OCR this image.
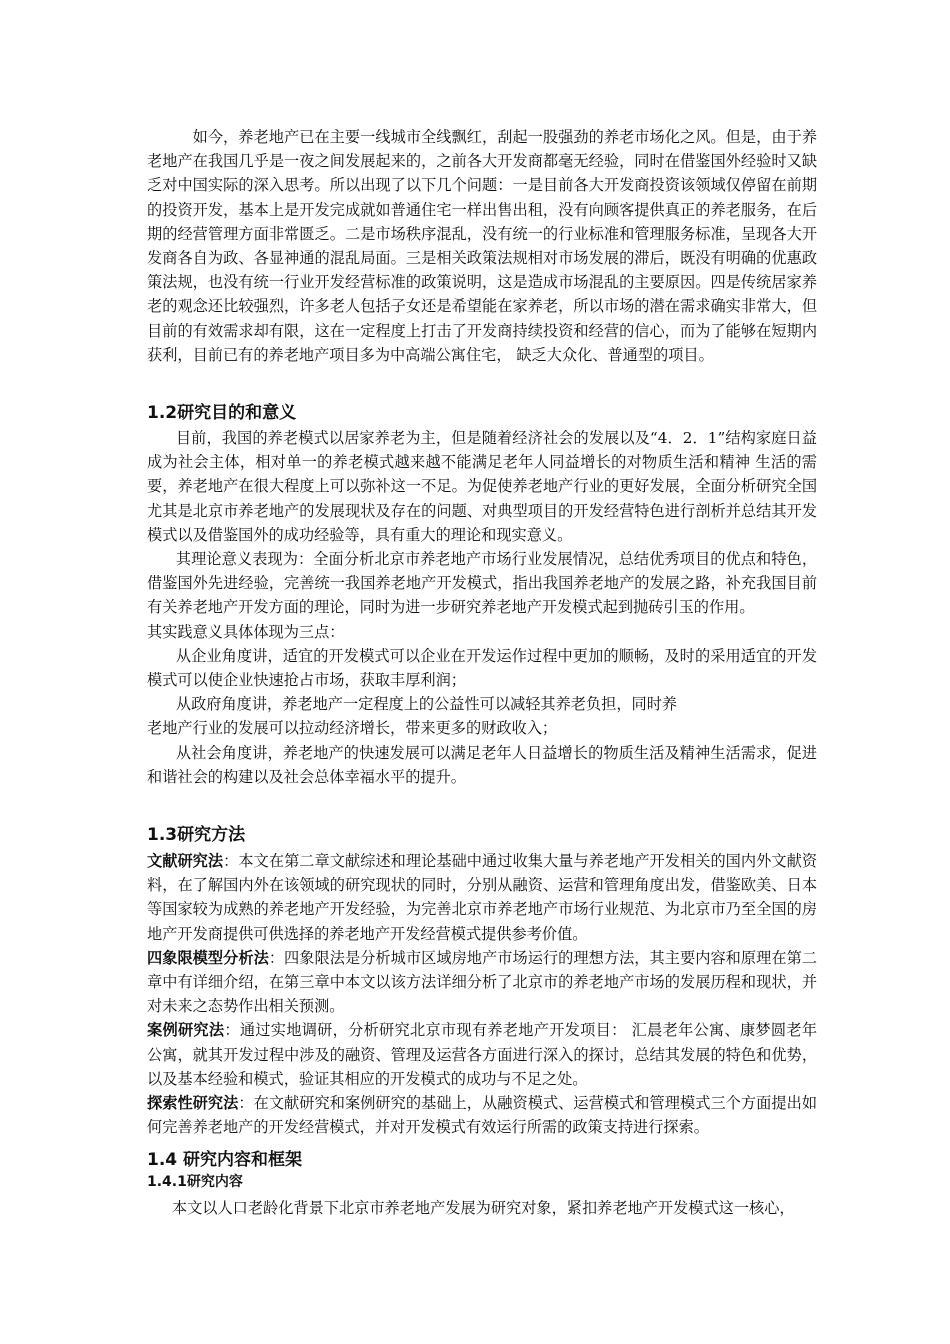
如今，养老地产已在主要一线城市全线飘红，刮起一股强劲的养老市场化之风。但是，由于养老地产在我国几乎是一夜之间发展起来的，之前各大开发商都毫无经验，同时在借鉴国外经验时又缺乏对中国实际的深入思考。所以出现了以下几个问题：一是目前各大开发商投资该领域仅停留在前期的投资开发，基本上是开发完成就如普通住宅一样出售出租，没有向顾客提供真正的养老服务，在后期的经营管理方面非常匮乏。二是市场秩序混乱，没有统一的行业标准和管理服务标准，呈现各大开发商各自为政、各显神通的混乱局面。三是相关政策法规相对市场发展的滞后，既没有明确的优惠政策法规，也没有统一行业开发经营标准的政策说明，这是造成市场混乱的主要原因。四是传统居家养老的观念还比较强烈，许多老人包括子女还是希望能在家养老，所以市场的潜在需求确实非常大，但目前的有效需求却有限，这在一定程度上打击了开发商持续投资和经营的信心，而为了能够在短期内获利，目前已有的养老地产项目多为中高端公寓住宅， 缺乏大众化、普通型的项目。

1.2研究目的和意义

目前，我国的养老模式以居家养老为主，但是随着经济社会的发展以及“4．2．1”结构家庭日益成为社会主体，相对单一的养老模式越来越不能满足老年人同益增长的对物质生活和精神 生活的需要，养老地产在很大程度上可以弥补这一不足。为促使养老地产行业的更好发展，全面分析研究全国尤其是北京市养老地产的发展现状及存在的问题、对典型项目的开发经营特色进行剖析并总结其开发模式以及借鉴国外的成功经验等，具有重大的理论和现实意义。

其理论意义表现为：全面分析北京市养老地产市场行业发展情况，总结优秀项目的优点和特色，借鉴国外先进经验，完善统一我国养老地产开发模式，指出我国养老地产的发展之路，补充我国目前有关养老地产开发方面的理论，同时为进一步研究养老地产开发模式起到抛砖引玉的作用。

其实践意义具体体现为三点：

从企业角度讲，适宜的开发模式可以企业在开发运作过程中更加的顺畅，及时的采用适宜的开发模式可以使企业快速抢占市场，获取丰厚利润；

从政府角度讲，养老地产一定程度上的公益性可以减轻其养老负担，同时养

老地产行业的发展可以拉动经济增长，带来更多的财政收入；

从社会角度讲，养老地产的快速发展可以满足老年人日益增长的物质生活及精神生活需求，促进和谐社会的构建以及社会总体幸福水平的提升。

1.3研究方法

文献研究法：本文在第二章文献综述和理论基础中通过收集大量与养老地产开发相关的国内外文献资料，在了解国内外在该领域的研究现状的同时，分别从融资、运营和管理角度出发，借鉴欧美、日本等国家较为成熟的养老地产开发经验，为完善北京市养老地产市场行业规范、为北京市乃至全国的房地产开发商提供可供选择的养老地产开发经营模式提供参考价值。

四象限模型分析法：四象限法是分析城市区域房地产市场运行的理想方法，其主要内容和原理在第二章中有详细介绍，在第三章中本文以该方法详细分析了北京市的养老地产市场的发展历程和现状，并对未来之态势作出相关预测。

案例研究法：通过实地调研，分析研究北京市现有养老地产开发项目： 汇晨老年公寓、康梦圆老年公寓，就其开发过程中涉及的融资、管理及运营各方面进行深入的探讨，总结其发展的特色和优势，以及基本经验和模式，验证其相应的开发模式的成功与不足之处。

探索性研究法：在文献研究和案例研究的基础上，从融资模式、运营模式和管理模式三个方面提出如何完善养老地产的开发经营模式，并对开发模式有效运行所需的政策支持进行探索。

1.4 研究内容和框架
1.4.1研究内容

本文以人口老龄化背景下北京市养老地产发展为研究对象，紧扣养老地产开发模式这一核心，
